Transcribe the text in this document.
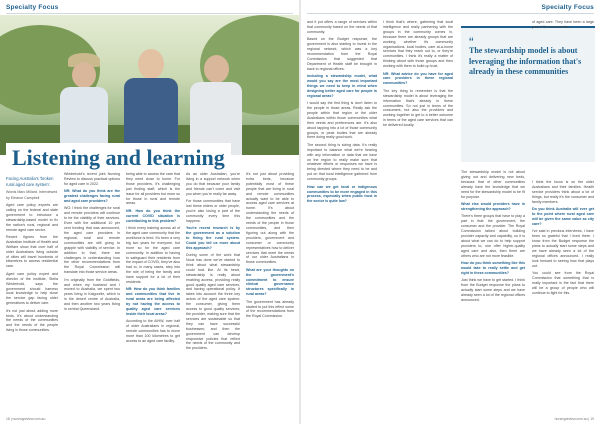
Specialty Focus	Specialty Focus
Listening and learning
Facing Australia's 'broken rural aged care system'.
Words Marc Millard. Interviewed by Eleanor Campbell

Aged care policy experts are calling on the federal and state government to introduce a stewardship-based model to fix the nation's rural, regional and remote aged care sector.

Recent figures from the Australian Institute of Health and Welfare show that over half of older Australians living outside of cities will travel hundreds of kilometres to access residential care.

Aged care policy expert and director of the Institute, Stella Wiederhold, says the government should harness local knowledge to help close the service gap facing older generations to deliver care.

It's not just about adding more beds. It's about understanding the needs of the communities and the needs of the people living in those communities.

Wiederhold's recent joint Nursing Review to discuss practical options for aged care in 2022.

NR: What do you think are the greatest challenges facing rural and aged care providers?

WG: I think the challenges for rural and remote providers will continue to be the viability of their services. Even with the additional 10 per cent funding that was announced, the aged care providers in regional, rural and remote communities are still going to grapple with viability of service. In addition to that, there are challenges in understanding how the other recommendations from the Royal Commission will translate into those service areas.

I'm originally from the Goldfields, and when my husband and I moved to Australia, we spent two years living in Kalgoorlie, which is in the desert centre of Australia, and then another two years living in central Queensland.

being able to access the care that they need close to home. For those providers, it's challenging just finding staff, which is the issue for all providers but more so for those in rural and remote areas.

NR: How do you think the current COVID situation is contributing to this problem?

I think every training across all of the aged care community that the workforce is tired. It's been a very big two years for everyone, but more so for the aged care community. In addition to having to safeguard their residents from the impact of COVID, they've also had to, in many cases, step into the role of being the family and have support for a lot of their residents.

NR: How do you think families and communities that live in rural areas are being affected by not having the access to quality aged care services inside their local areas?

According to the AIHW, over half of older Australians in regional, remote communities has to move more than 100 kilometres to get access to an aged care facility.

As an older Australian, you're living in a support network when you do that because your family and friends can't come and visit you when you're really far away.

For those communities that have lost these elders or older people, you're also losing a part of the community every time this happens.

You're recent research is by the government as a solution to fixing the rural system. Could you tell us more about this approach?

During some of the work that Nous has done we've started to think about what stewardship could look like. At its heart, stewardship is really about enabling access, providing really good quality aged care services, and having operational policy. It takes into account the three key actors of the aged care system: the consumer, giving them access to good quality services; the provider, making sure that the services are sustainable so that they can have successful businesses; and then the government can develop responsive policies that reflect the needs of the community and the providers.

It's not just about providing extra beds, because potentially most of these people that are living in rural and remote communities actually want to be able to access aged care services at home. It's about understanding the needs of the communities and the needs of the people in those communities, and then figuring out along with the providers, government and consumer or community representatives how to deliver services that meet the needs of our older Australians in those communities.

What are your thoughts on the government's commitment to ensure clinical governance structures specifically in rural areas?

The government has already started to put this effect some of the recommendations from the Royal Commission.

and it put offers a range of services within that community based on the needs of that community.

Based on the Budget response, the government is also starting to invest in the regional network, which was a key recommendation from the Royal Commission that suggested that Department of Health staff be brought in back to regional offices.

Including a stewardship model, what would you say are the most important things we need to keep in mind when designing better aged care for people in regional areas?

I would say the first thing is don't listen to the people in those areas. Really ask the people within that region or the older Australians within those communities what their needs and preferences are. It's also about tapping into a lot of those community groups, or peak bodies that are already there doing really good work.

The second thing is sizing data. It's really important to balance what we're hearing with any information or data that we have on the region to really make sure that whatever efforts or responses we have is being directed where they need to be and put on that local intelligence gathered from community groups.

How can we get local or indigenous communities to be more engaged in this process, especially when public trust in the sector is quite low?

I think that's where, gathering that local intelligence and really partnering with the groups in the community comes in, because there are already groups that are working, whether it's community organisations, local bodies, care at-a-home services that they reach out to, or they're communities. I think it's really a matter of thinking about with those groups and then working with them to build up trust.

NR: What advice do you have for aged care providers in these regional communities?

The key thing to remember is that the stewardship model is about leveraging the information that's already in these communities. So not just in terms of the consumers, but also the providers and working together to get to a better outcome in terms of the aged care services that can be delivered locally.

“
The stewardship model is about leveraging the information that's already in these communities

of aged care. They have been a large part of the conversation.

The stewardship model is not about giving out and delivering new beds, because that of other communities already have the knowledge that we need for the stewardship model to be fit for purpose.

What else would providers have in strengthening the approach?

There's three groups that have to play a part in that: the government, the consumer and the provider. The Royal Commission talked about building provider capacity and capability, so it is about what we can do to help support providers to, one offer higher-quality aged care and also, then there are others who are not more feasible.

How do you think something like this would take to really settle and get right in these communities?

Just think we have to get started. I think from the Budget response the plans to actually start some steps and we have already seen a lot of the regional offices announced.

I think the focus is on the older Australians and their families. Health service providers think about a lot of things, but really it's the consumer and family members.

Do you think Australia will ever get to the point where rural aged care will be given the same value as city care?

I've said in previous interviews, I have been so grateful that I lived there. I know from the Budget response the plans to actually start some steps and we have already seen a lot of the regional offices announced. I really look forward to seeing how that plays out.

You could see from the Royal Commission that something that is really important is the fact that there will be a group of people who will continue to fight for this.

18 | nursingreview.com.au	nursingreview.com.au | 19
